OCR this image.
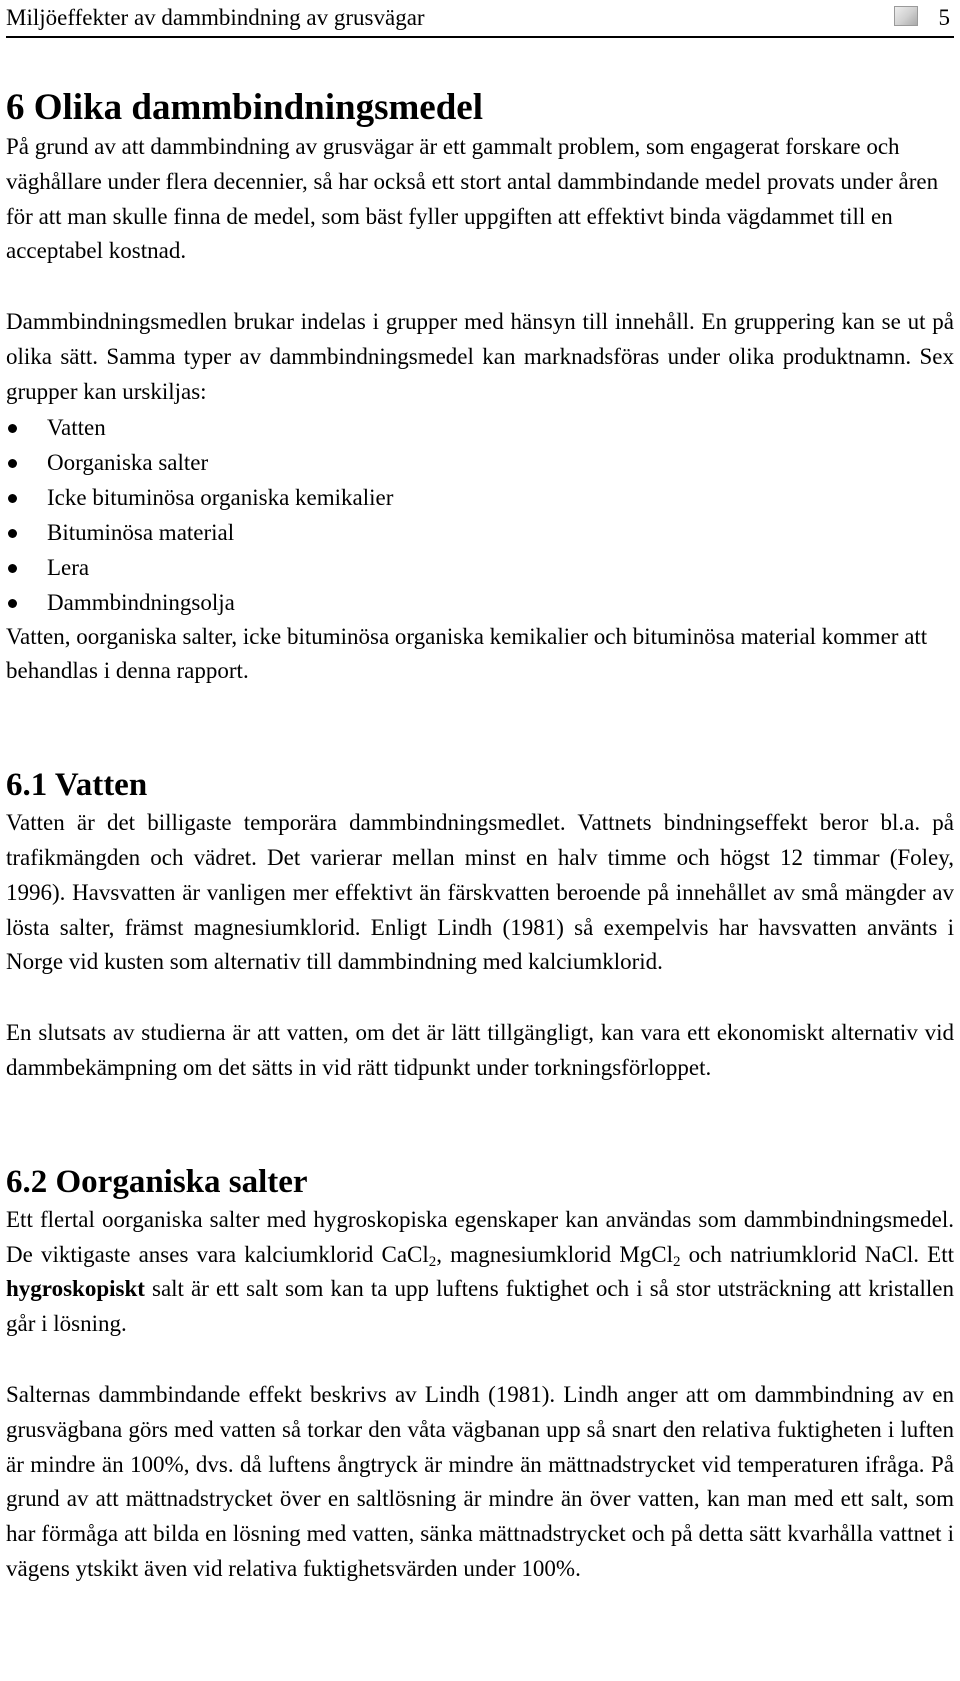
Miljöeffekter av dammbindning av grusvägar	5
6 Olika dammbindningsmedel

På grund av att dammbindning av grusvägar är ett gammalt problem, som engagerat forskare och väghållare under flera decennier, så har också ett stort antal dammbindande medel provats under åren för att man skulle finna de medel, som bäst fyller uppgiften att effektivt binda vägdammet till en acceptabel kostnad.

Dammbindningsmedlen brukar indelas i grupper med hänsyn till innehåll. En gruppering kan se ut på olika sätt. Samma typer av dammbindningsmedel kan marknadsföras under olika produktnamn. Sex grupper kan urskiljas:

Vatten
Oorganiska salter
Icke bituminösa organiska kemikalier
Bituminösa material
Lera
Dammbindningsolja

Vatten, oorganiska salter, icke bituminösa organiska kemikalier och bituminösa material kommer att behandlas i denna rapport.

6.1 Vatten

Vatten är det billigaste temporära dammbindningsmedlet. Vattnets bindningseffekt beror bl.a. på trafikmängden och vädret. Det varierar mellan minst en halv timme och högst 12 timmar (Foley, 1996). Havsvatten är vanligen mer effektivt än färskvatten beroende på innehållet av små mängder av lösta salter, främst magnesiumklorid. Enligt Lindh (1981) så exempelvis har havsvatten använts i Norge vid kusten som alternativ till dammbindning med kalciumklorid.

En slutsats av studierna är att vatten, om det är lätt tillgängligt, kan vara ett ekonomiskt alternativ vid dammbekämpning om det sätts in vid rätt tidpunkt under torkningsförloppet.

6.2 Oorganiska salter

Ett flertal oorganiska salter med hygroskopiska egenskaper kan användas som dammbindningsmedel. De viktigaste anses vara kalciumklorid CaCl$_2$, magnesiumklorid MgCl$_2$ och natriumklorid NaCl. Ett hygroskopiskt salt är ett salt som kan ta upp luftens fuktighet och i så stor utsträckning att kristallen går i lösning.

Salternas dammbindande effekt beskrivs av Lindh (1981). Lindh anger att om dammbindning av en grusvägbana görs med vatten så torkar den våta vägbanan upp så snart den relativa fuktigheten i luften är mindre än 100%, dvs. då luftens ångtryck är mindre än mättnadstrycket vid temperaturen ifråga. På grund av att mättnadstrycket över en saltlösning är mindre än över vatten, kan man med ett salt, som har förmåga att bilda en lösning med vatten, sänka mättnadstrycket och på detta sätt kvarhålla vattnet i vägens ytskikt även vid relativa fuktighetsvärden under 100%.
